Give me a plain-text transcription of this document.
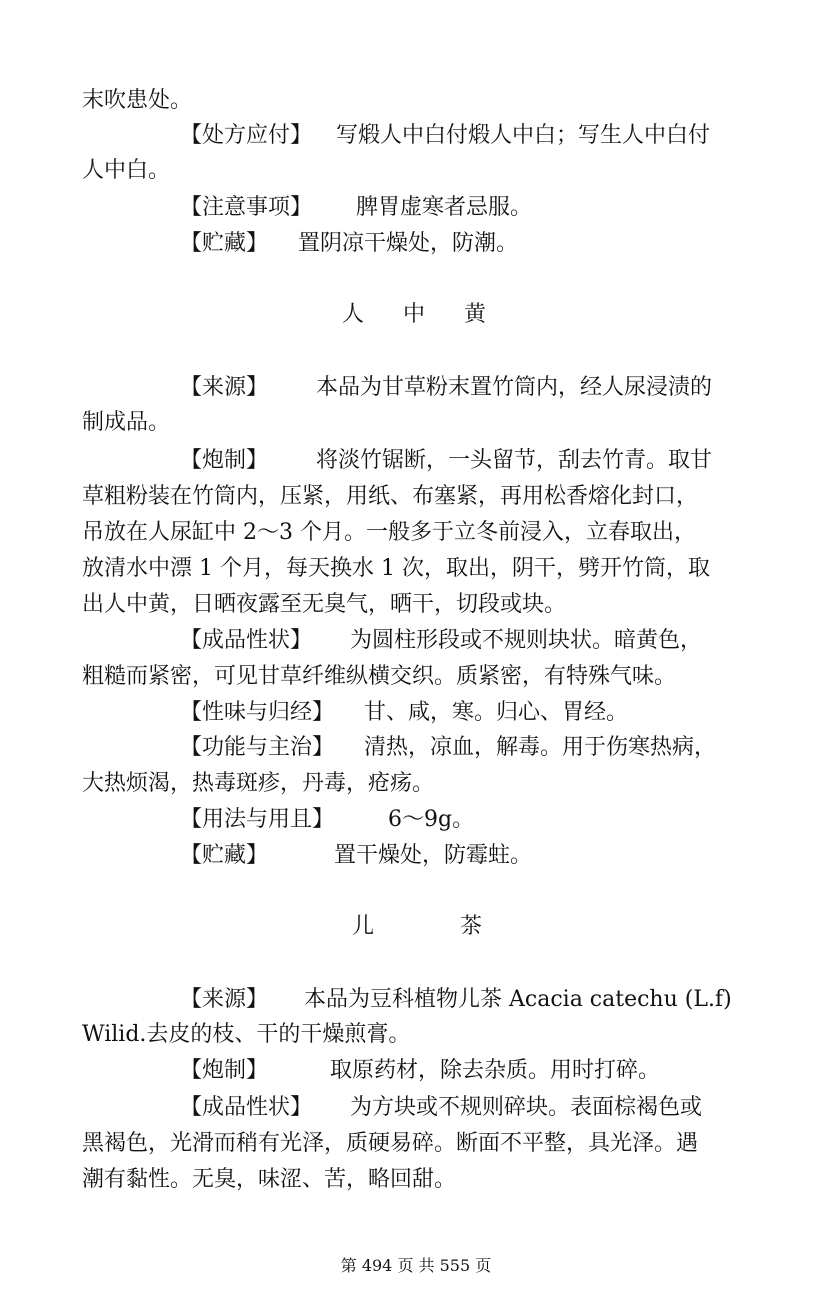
末吹患处。
【处方应付】 写煅人中白付煅人中白；写生人中白付
人中白。
【注意事项】 脾胃虚寒者忌服。
【贮藏】 置阴凉干燥处，防潮。
人 中 黄
【来源】 本品为甘草粉末置竹筒内，经人尿浸渍的
制成品。
【炮制】 将淡竹锯断，一头留节，刮去竹青。取甘
草粗粉装在竹筒内，压紧，用纸、布塞紧，再用松香熔化封口，
吊放在人尿缸中 2～3 个月。一般多于立冬前浸入，立春取出，
放清水中漂 1 个月，每天换水 1 次，取出，阴干，劈开竹筒，取
出人中黄，日晒夜露至无臭气，晒干，切段或块。
【成品性状】 为圆柱形段或不规则块状。暗黄色，
粗糙而紧密，可见甘草纤维纵横交织。质紧密，有特殊气味。
【性味与归经】 甘、咸，寒。归心、胃经。
【功能与主治】 清热，凉血，解毒。用于伤寒热病，
大热烦渴，热毒斑疹，丹毒，疮疡。
【用法与用且】 6～9g。
【贮藏】	置干燥处，防霉蛀。
儿	茶
【来源】 本品为豆科植物儿茶 Acacia catechu (L.f)
Wilid.去皮的枝、干的干燥煎膏。
【炮制】	取原药材，除去杂质。用时打碎。
【成品性状】 为方块或不规则碎块。表面棕褐色或
黑褐色，光滑而稍有光泽，质硬易碎。断面不平整，具光泽。遇
潮有黏性。无臭，味涩、苦，略回甜。
第 494 页 共 555 页
